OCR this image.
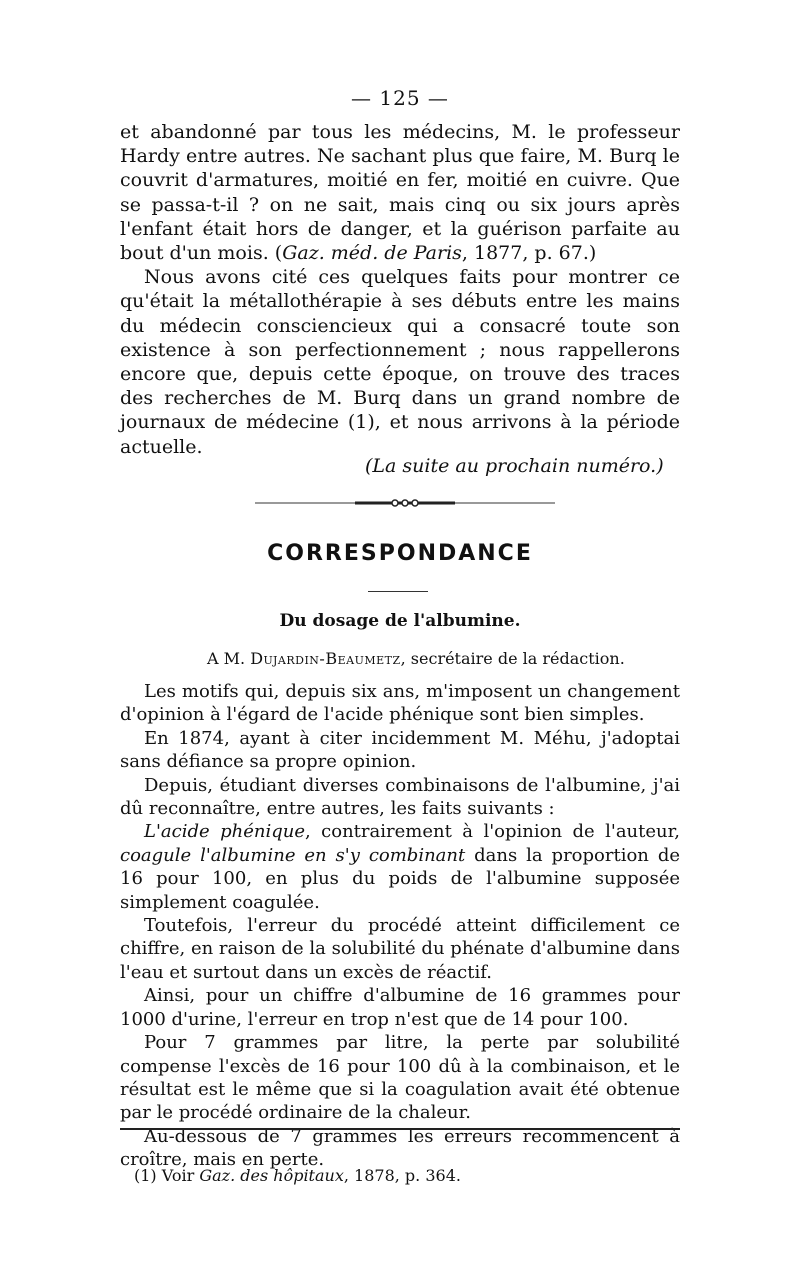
— 125 —

et abandonné par tous les médecins, M. le professeur Hardy entre autres. Ne sachant plus que faire, M. Burq le couvrit d'armatures, moitié en fer, moitié en cuivre. Que se passa-t-il ? on ne sait, mais cinq ou six jours après l'enfant était hors de danger, et la guérison parfaite au bout d'un mois. (Gaz. méd. de Paris, 1877, p. 67.)

Nous avons cité ces quelques faits pour montrer ce qu'était la métallothérapie à ses débuts entre les mains du médecin consciencieux qui a consacré toute son existence à son perfectionnement ; nous rappellerons encore que, depuis cette époque, on trouve des traces des recherches de M. Burq dans un grand nombre de journaux de médecine (1), et nous arrivons à la période actuelle.

(La suite au prochain numéro.)
CORRESPONDANCE
Du dosage de l'albumine.
A M. Dujardin-Beaumetz, secrétaire de la rédaction.

Les motifs qui, depuis six ans, m'imposent un changement d'opinion à l'égard de l'acide phénique sont bien simples.

En 1874, ayant à citer incidemment M. Méhu, j'adoptai sans défiance sa propre opinion.

Depuis, étudiant diverses combinaisons de l'albumine, j'ai dû reconnaître, entre autres, les faits suivants :

L'acide phénique, contrairement à l'opinion de l'auteur, coagule l'albumine en s'y combinant dans la proportion de 16 pour 100, en plus du poids de l'albumine supposée simplement coagulée.

Toutefois, l'erreur du procédé atteint difficilement ce chiffre, en raison de la solubilité du phénate d'albumine dans l'eau et surtout dans un excès de réactif.

Ainsi, pour un chiffre d'albumine de 16 grammes pour 1000 d'urine, l'erreur en trop n'est que de 14 pour 100.

Pour 7 grammes par litre, la perte par solubilité compense l'excès de 16 pour 100 dû à la combinaison, et le résultat est le même que si la coagulation avait été obtenue par le procédé ordinaire de la chaleur.

Au-dessous de 7 grammes les erreurs recommencent à croître, mais en perte.

(1) Voir Gaz. des hôpitaux, 1878, p. 364.
